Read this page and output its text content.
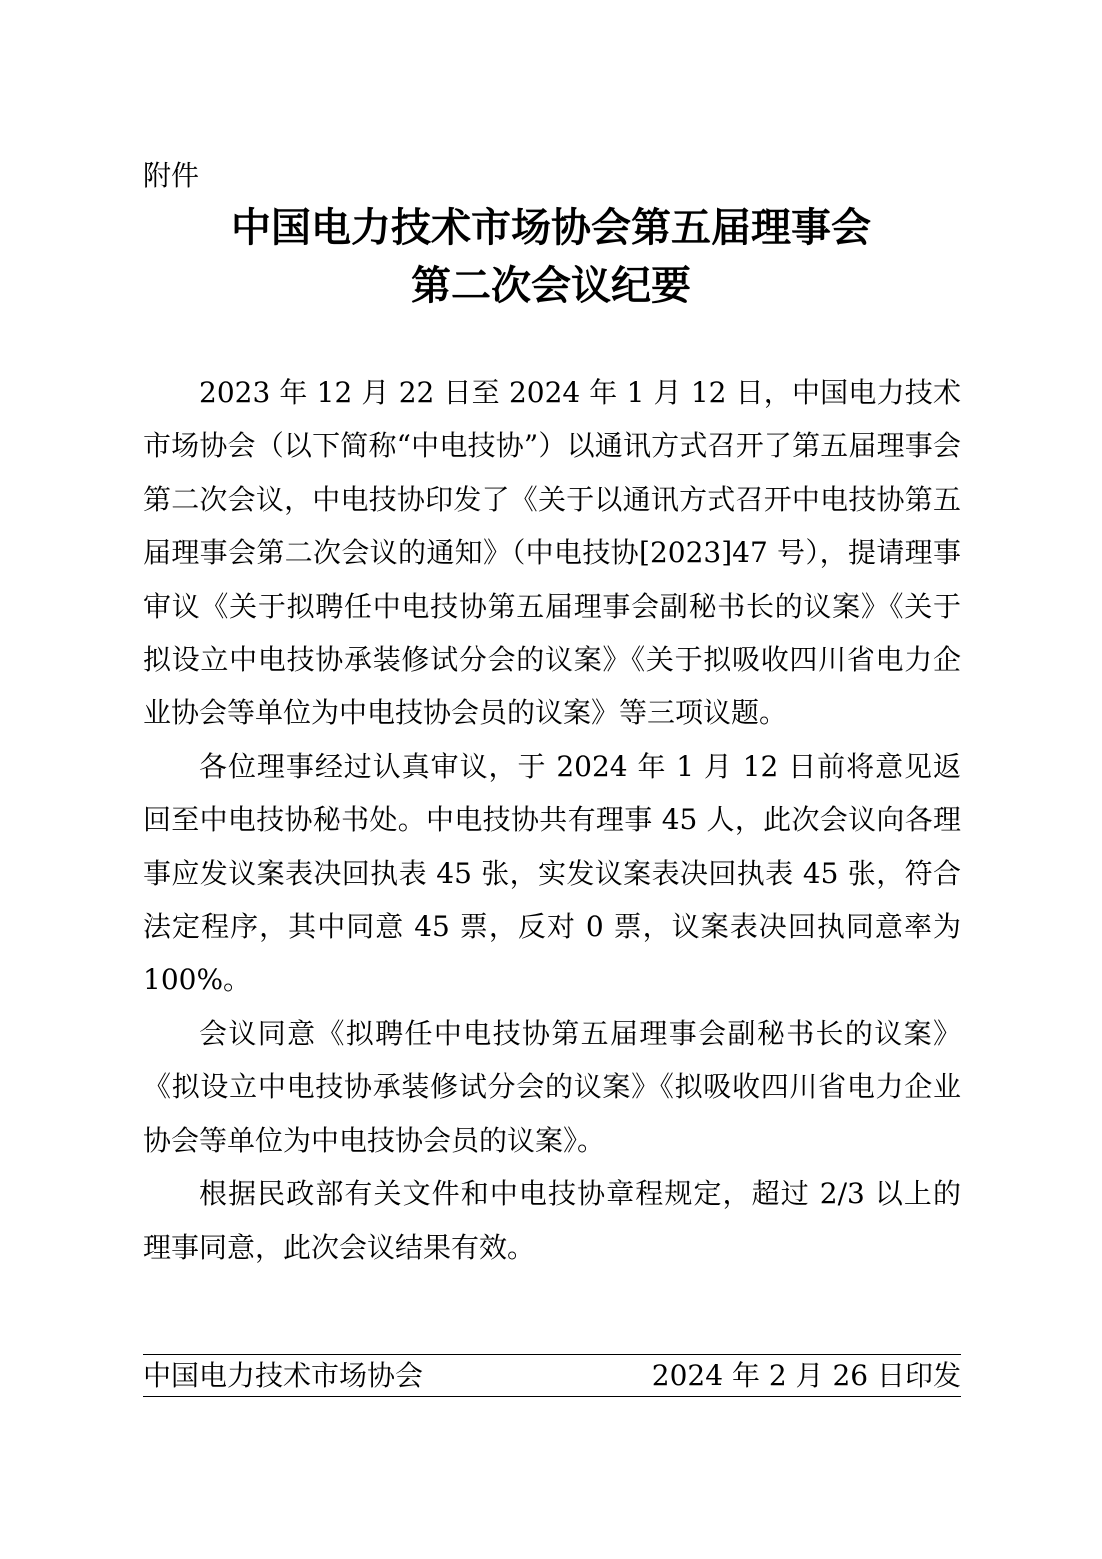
附件
中国电力技术市场协会第五届理事会
第二次会议纪要

2023 年 12 月 22 日至 2024 年 1 月 12 日，中国电力技术市场协会（以下简称“中电技协”）以通讯方式召开了第五届理事会第二次会议，中电技协印发了《关于以通讯方式召开中电技协第五届理事会第二次会议的通知》（中电技协[2023]47 号），提请理事审议《关于拟聘任中电技协第五届理事会副秘书长的议案》《关于拟设立中电技协承装修试分会的议案》《关于拟吸收四川省电力企业协会等单位为中电技协会员的议案》等三项议题。

各位理事经过认真审议，于 2024 年 1 月 12 日前将意见返回至中电技协秘书处。中电技协共有理事 45 人，此次会议向各理事应发议案表决回执表 45 张，实发议案表决回执表 45 张，符合法定程序，其中同意 45 票，反对 0 票，议案表决回执同意率为 100%。

会议同意《拟聘任中电技协第五届理事会副秘书长的议案》《拟设立中电技协承装修试分会的议案》《拟吸收四川省电力企业协会等单位为中电技协会员的议案》。

根据民政部有关文件和中电技协章程规定，超过 2/3 以上的理事同意，此次会议结果有效。

中国电力技术市场协会	2024 年 2 月 26 日印发
